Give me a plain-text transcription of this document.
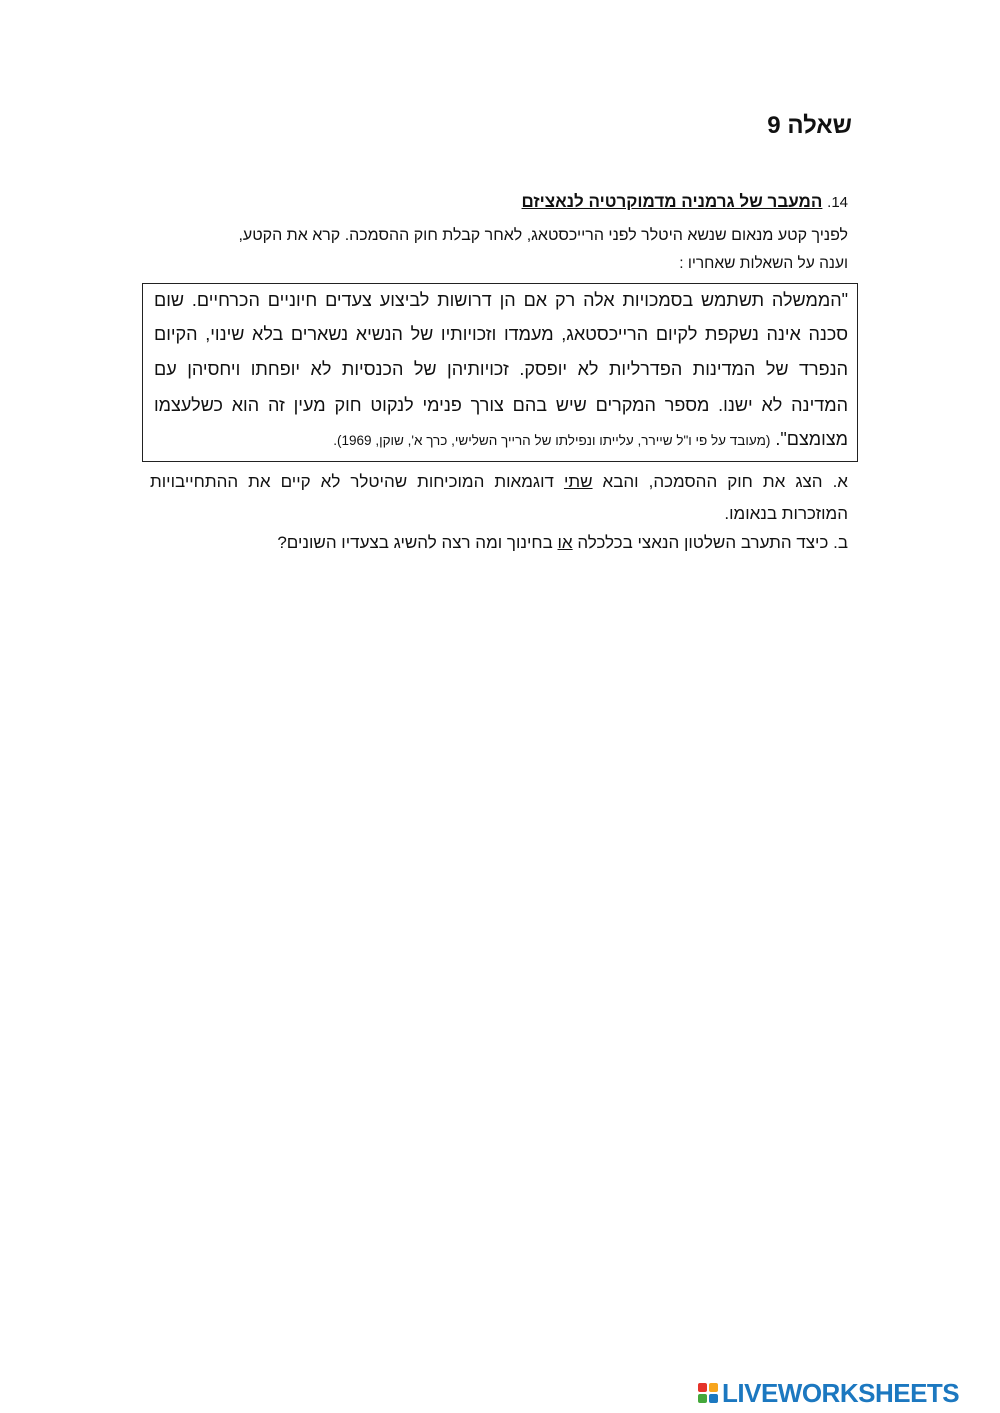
שאלה 9
14. המעבר של גרמניה מדמוקרטיה לנאציזם
לפניך קטע מנאום שנשא היטלר לפני הרייכסטאג, לאחר קבלת חוק ההסמכה. קרא את הקטע,
וענה על השאלות שאחריו :
"הממשלה תשתמש בסמכויות אלה רק אם הן דרושות לביצוע צעדים חיוניים הכרחיים. שום
סכנה אינה נשקפת לקיום הרייכסטאג, מעמדו וזכויותיו של הנשיא נשארים בלא שינוי, הקיום
הנפרד של המדינות הפדרליות לא יופסק. זכויותיהן של הכנסיות לא יופחתו ויחסיהן עם
המדינה לא ישנו. מספר המקרים שיש בהם צורך פנימי לנקוט חוק מעין זה הוא כשלעצמו
מצומצם". (מעובד על פי ו"ל שיירר, עלייתו ונפילתו של הרייך השלישי, כרך א', שוקן, 1969).
א. הצג את חוק ההסמכה, והבא שתי דוגמאות המוכיחות שהיטלר לא קיים את ההתחייבויות
המוזכרות בנאומו.
ב. כיצד התערב השלטון הנאצי בכלכלה או בחינוך ומה רצה להשיג בצעדיו השונים?
LIVEWORKSHEETS
